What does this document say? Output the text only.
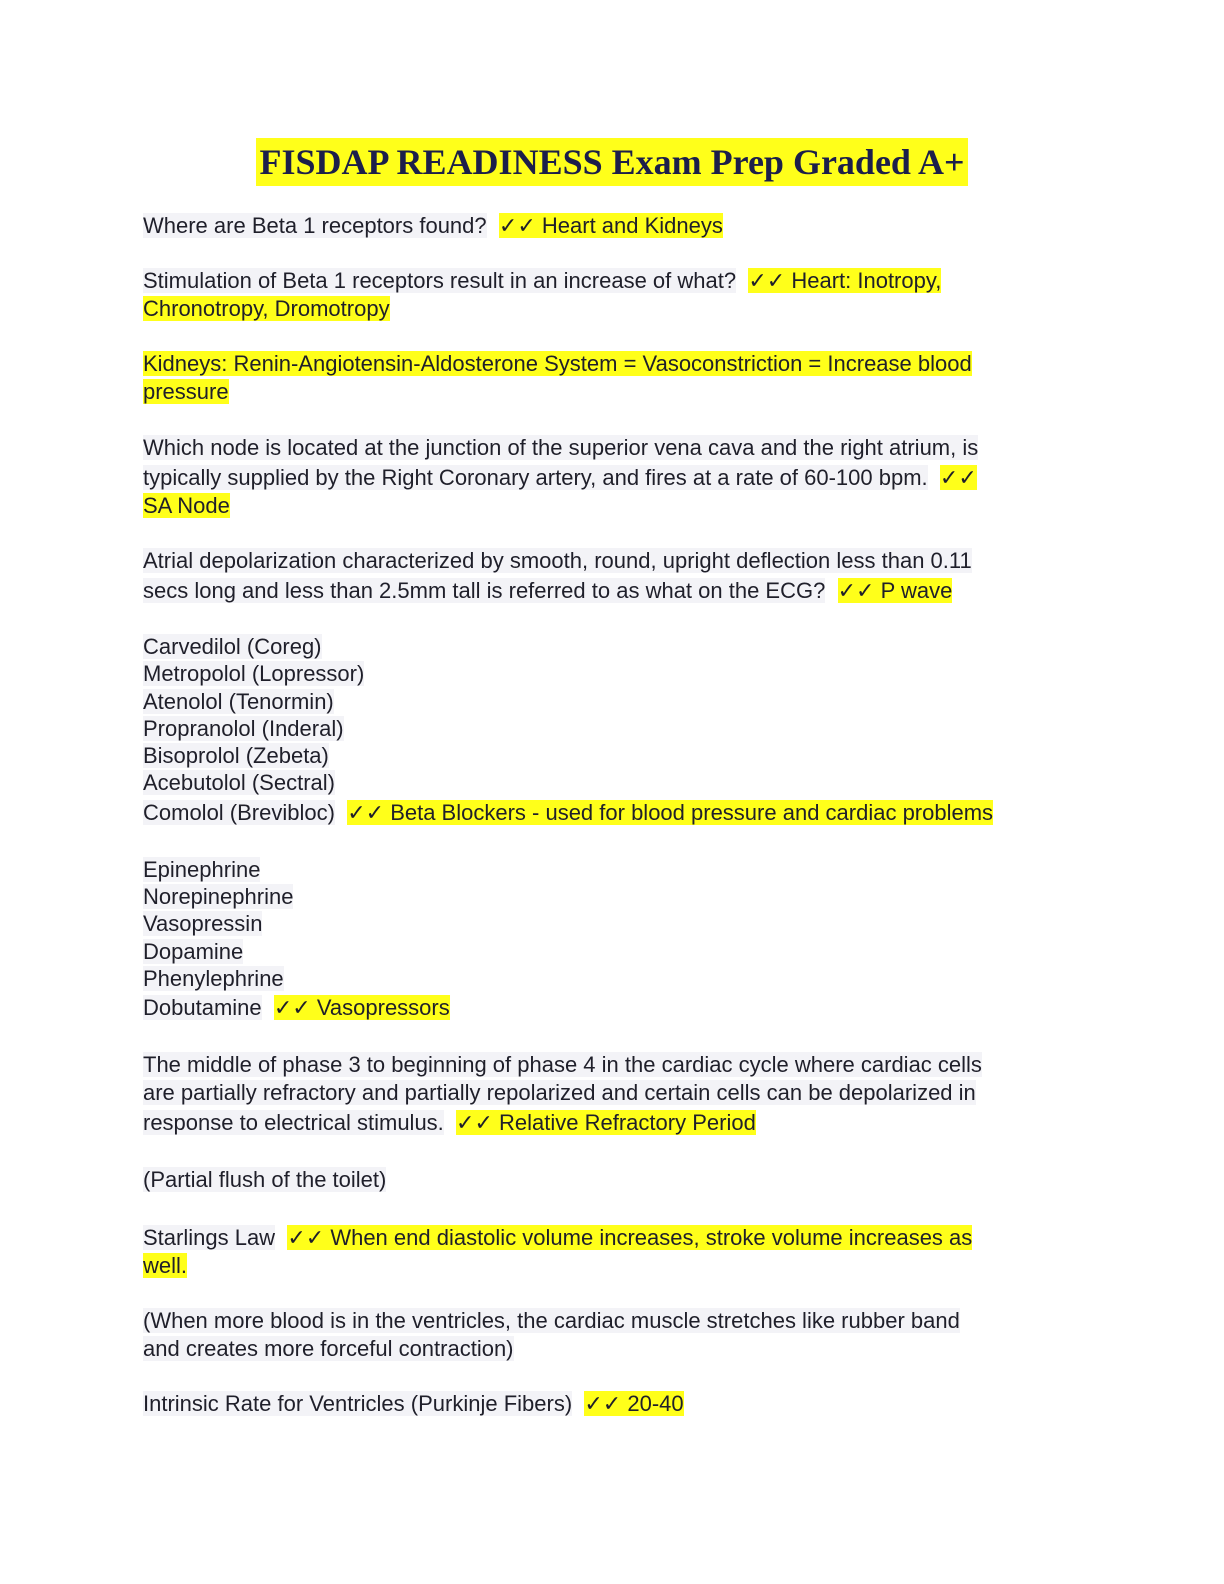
FISDAP READINESS Exam Prep Graded A+
Where are Beta 1 receptors found? ✓✓ Heart and Kidneys
Stimulation of Beta 1 receptors result in an increase of what? ✓✓ Heart: Inotropy,
Chronotropy, Dromotropy
Kidneys: Renin-Angiotensin-Aldosterone System = Vasoconstriction = Increase blood
pressure
Which node is located at the junction of the superior vena cava and the right atrium, is
typically supplied by the Right Coronary artery, and fires at a rate of 60-100 bpm. ✓✓
SA Node
Atrial depolarization characterized by smooth, round, upright deflection less than 0.11
secs long and less than 2.5mm tall is referred to as what on the ECG? ✓✓ P wave
Carvedilol (Coreg)
Metropolol (Lopressor)
Atenolol (Tenormin)
Propranolol (Inderal)
Bisoprolol (Zebeta)
Acebutolol (Sectral)
Comolol (Brevibloc) ✓✓ Beta Blockers - used for blood pressure and cardiac problems
Epinephrine
Norepinephrine
Vasopressin
Dopamine
Phenylephrine
Dobutamine ✓✓ Vasopressors
The middle of phase 3 to beginning of phase 4 in the cardiac cycle where cardiac cells
are partially refractory and partially repolarized and certain cells can be depolarized in
response to electrical stimulus. ✓✓ Relative Refractory Period
(Partial flush of the toilet)
Starlings Law ✓✓ When end diastolic volume increases, stroke volume increases as
well.
(When more blood is in the ventricles, the cardiac muscle stretches like rubber band
and creates more forceful contraction)
Intrinsic Rate for Ventricles (Purkinje Fibers) ✓✓ 20-40
